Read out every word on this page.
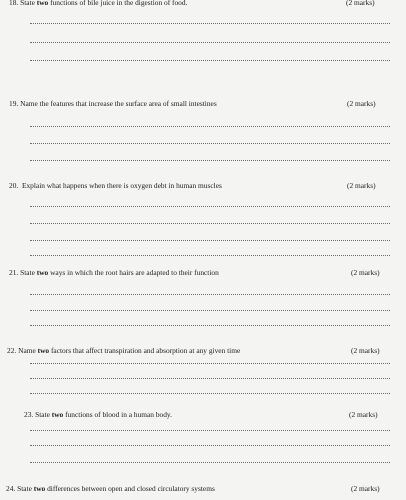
18. State two functions of bile juice in the digestion of food.	(2 marks)
19. Name the features that increase the surface area of small intestines	(2 marks)
20. Explain what happens when there is oxygen debt in human muscles	(2 marks)
21. State two ways in which the root hairs are adapted to their function	(2 marks)
22. Name two factors that affect transpiration and absorption at any given time	(2 marks)
23. State two functions of blood in a human body.	(2 marks)
24. State two differences between open and closed circulatory systems	(2 marks)
